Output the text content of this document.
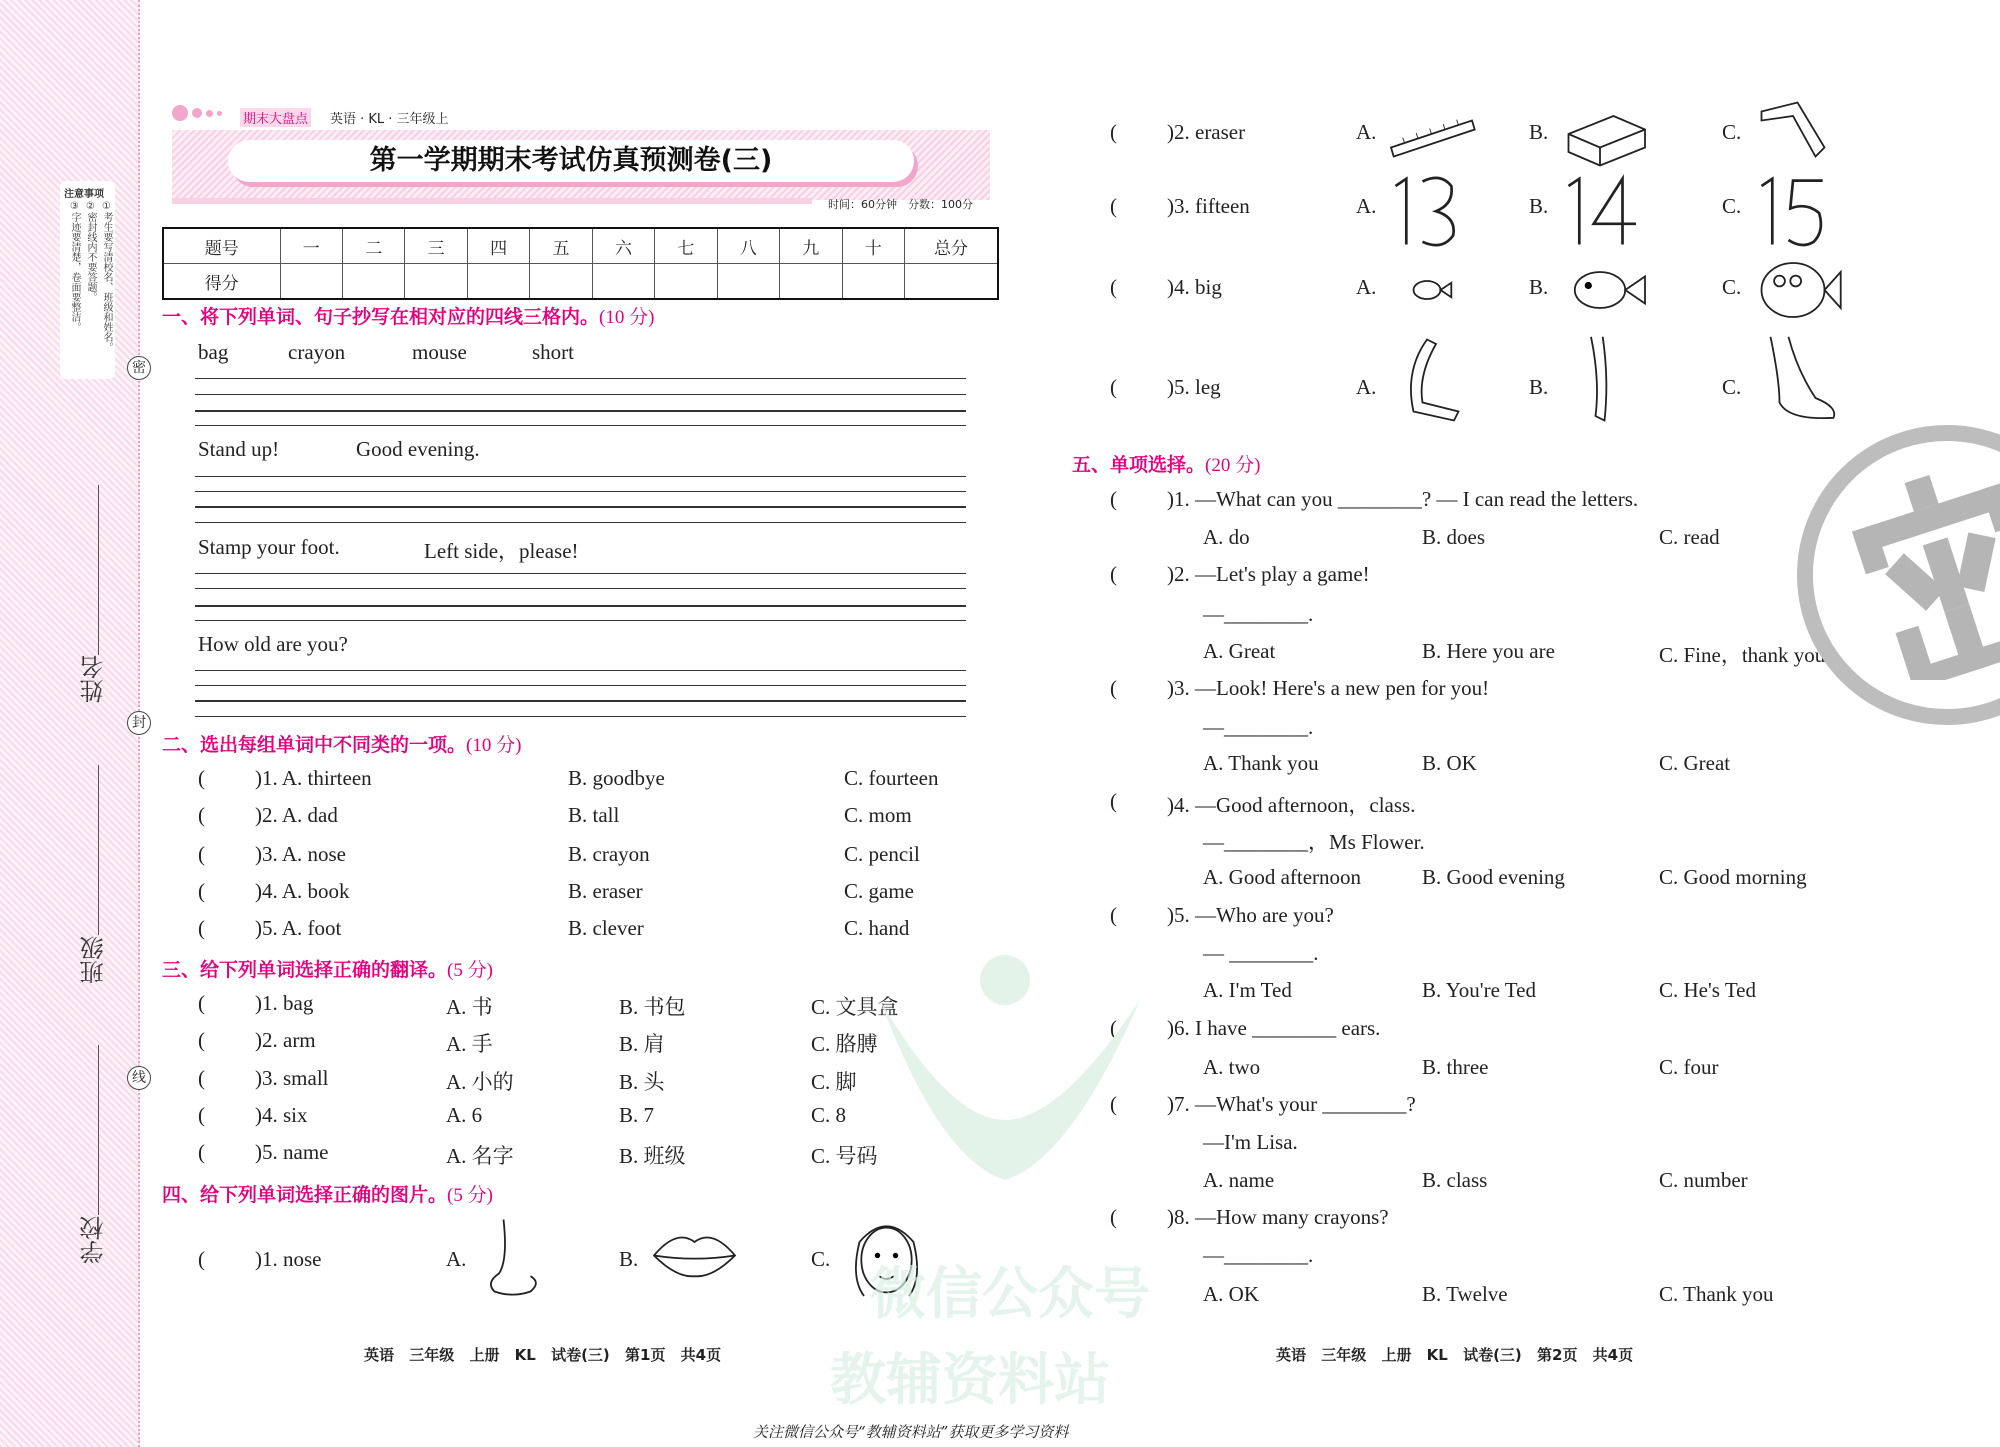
注意事项
①考生要写清校名、班级和姓名。
②密封线内不要答题。
③字迹要清楚，卷面要整洁。
密
封
线
姓名
班级
学校
期末大盘点 英语 · KL · 三年级上
第一学期期末考试仿真预测卷(三)
时间：60分钟　分数：100分
题号	一	二	三	四	五	六	七	八	九	十	总分
得分											
一、将下列单词、句子抄写在相对应的四线三格内。(10 分)
二、选出每组单词中不同类的一项。(10 分)
三、给下列单词选择正确的翻译。(5 分)
四、给下列单词选择正确的图片。(5 分)
五、单项选择。(20 分)
bag	crayon	mouse	short
Stand up!	Good evening.
Stamp your foot.	Left side，please!
How old are you?
( )1. A. thirteen	B. goodbye	C. fourteen
( )2. A. dad	B. tall	C. mom
( )3. A. nose	B. crayon	C. pencil
( )4. A. book	B. eraser	C. game
( )5. A. foot	B. clever	C. hand
( )1. bag	A. 书	B. 书包	C. 文具盒
( )2. arm	A. 手	B. 肩	C. 胳膊
( )3. small	A. 小的	B. 头	C. 脚
( )4. six	A. 6	B. 7	C. 8
( )5. name	A. 名字	B. 班级	C. 号码
( )1. nose	A.	B.	C.
( )2. eraser	A.	B.	C.
( )3. fifteen	A.	B.	C.
( )4. big	A.	B.	C.
( )5. leg	A.	B.	C.
( )1. —What can you ________? — I can read the letters.
A. do	B. does	C. read
( )2. —Let's play a game!
—________.
A. Great	B. Here you are	C. Fine，thank you
( )3. —Look! Here's a new pen for you!
—________.
A. Thank you	B. OK	C. Great
( )4. —Good afternoon，class.
—________，Ms Flower.
A. Good afternoon	B. Good evening	C. Good morning
( )5. —Who are you?
— ________.
A. I'm Ted	B. You're Ted	C. He's Ted
( )6. I have ________ ears.
A. two	B. three	C. four
( )7. —What's your ________?
—I'm Lisa.
A. name	B. class	C. number
( )8. —How many crayons?
—________.
A. OK	B. Twelve	C. Thank you
微信公众号
教辅资料站
英语 三年级 上册 KL 试卷(三) 第1页 共4页	英语 三年级 上册 KL 试卷(三) 第2页 共4页
关注微信公众号“教辅资料站”获取更多学习资料
